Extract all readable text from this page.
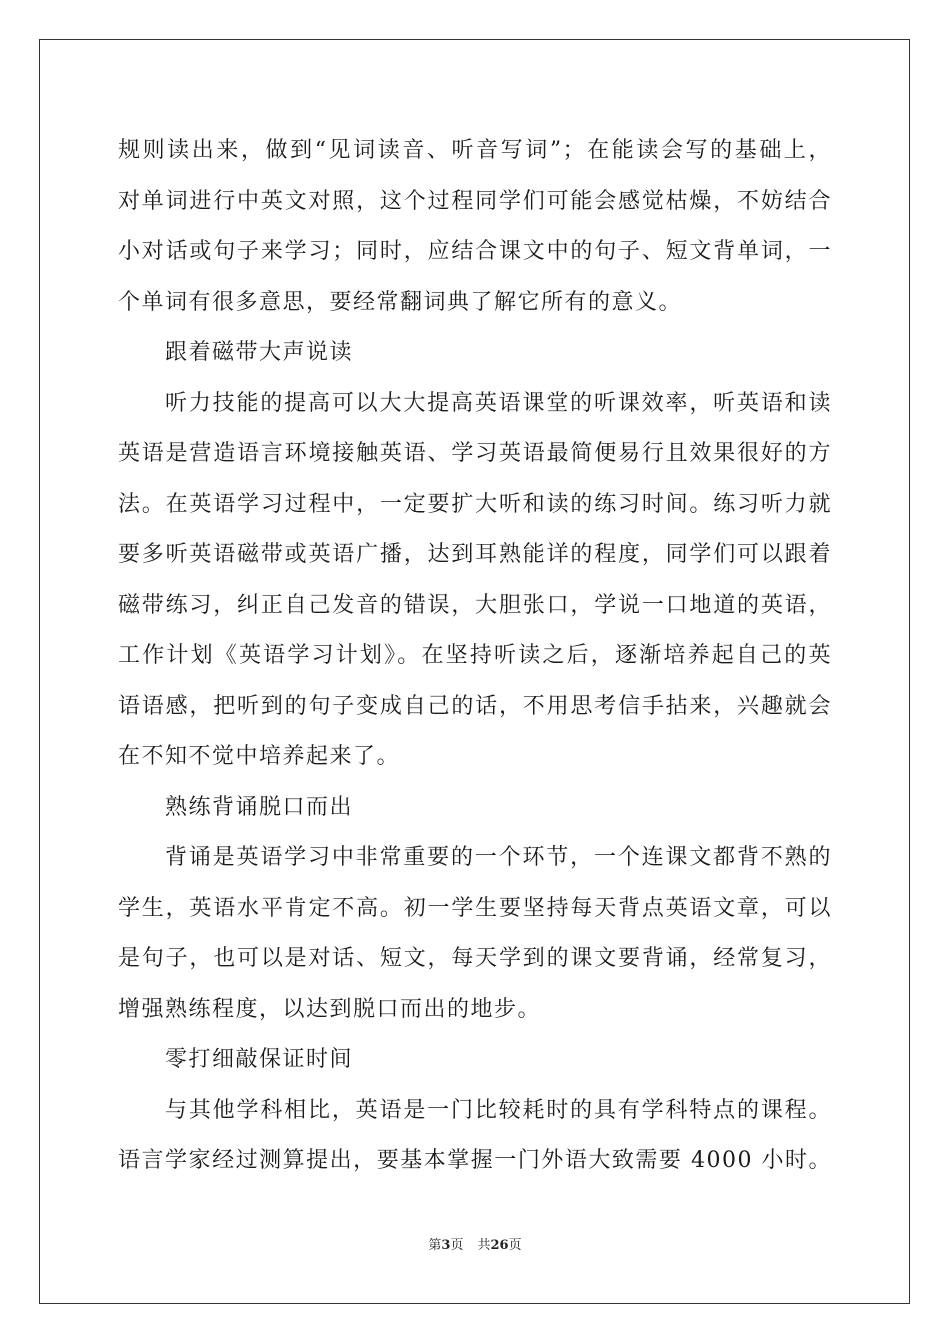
规则读出来，做到“见词读音、听音写词”；在能读会写的基础上，
对单词进行中英文对照，这个过程同学们可能会感觉枯燥，不妨结合
小对话或句子来学习；同时，应结合课文中的句子、短文背单词，一
个单词有很多意思，要经常翻词典了解它所有的意义。
跟着磁带大声说读
听力技能的提高可以大大提高英语课堂的听课效率，听英语和读
英语是营造语言环境接触英语、学习英语最简便易行且效果很好的方
法。在英语学习过程中，一定要扩大听和读的练习时间。练习听力就
要多听英语磁带或英语广播，达到耳熟能详的程度，同学们可以跟着
磁带练习，纠正自己发音的错误，大胆张口，学说一口地道的英语，
工作计划《英语学习计划》。在坚持听读之后，逐渐培养起自己的英
语语感，把听到的句子变成自己的话，不用思考信手拈来，兴趣就会
在不知不觉中培养起来了。
熟练背诵脱口而出
背诵是英语学习中非常重要的一个环节，一个连课文都背不熟的
学生，英语水平肯定不高。初一学生要坚持每天背点英语文章，可以
是句子，也可以是对话、短文，每天学到的课文要背诵，经常复习，
增强熟练程度，以达到脱口而出的地步。
零打细敲保证时间
与其他学科相比，英语是一门比较耗时的具有学科特点的课程。
语言学家经过测算提出，要基本掌握一门外语大致需要 4000 小时。
第3页 共26页
